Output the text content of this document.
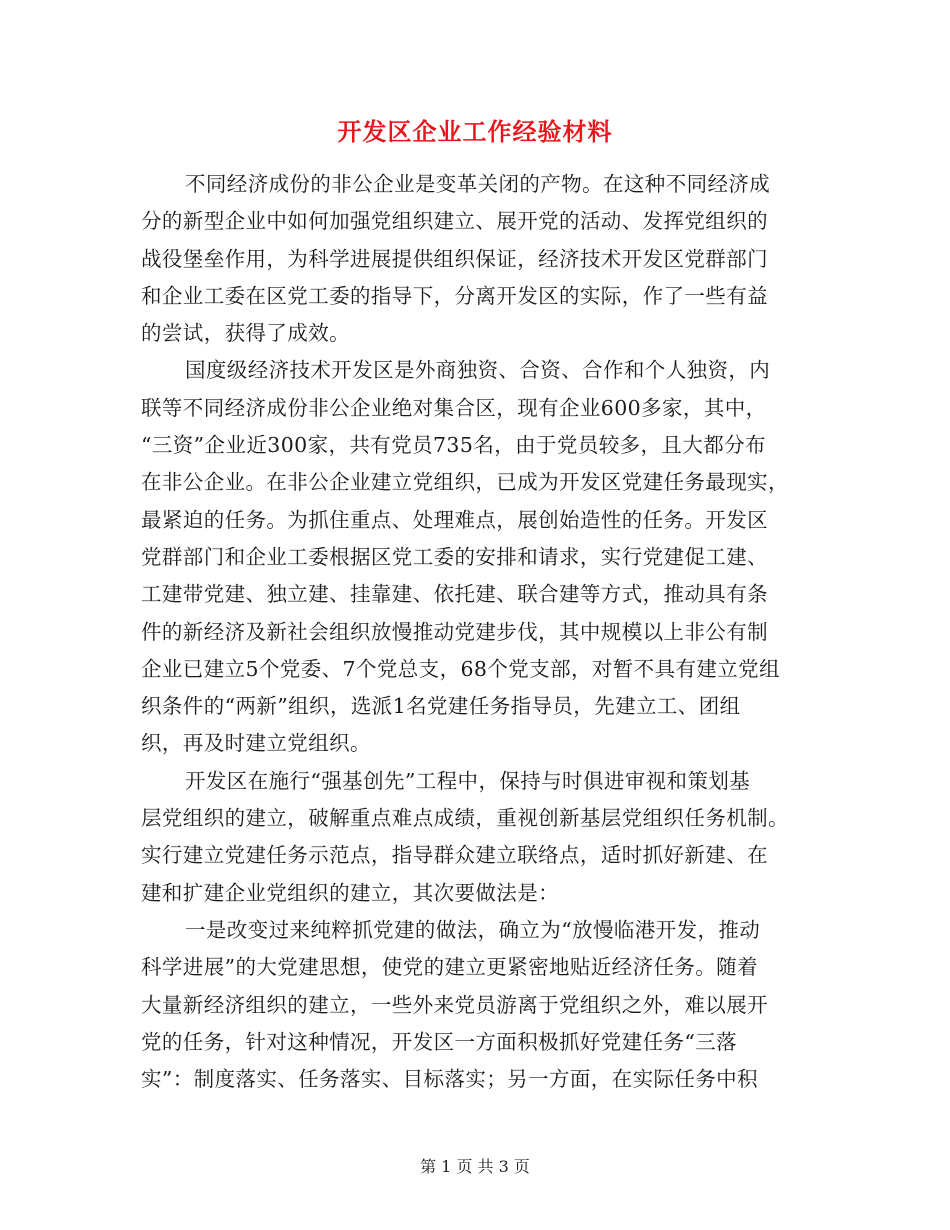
开发区企业工作经验材料
不同经济成份的非公企业是变革关闭的产物。在这种不同经济成
分的新型企业中如何加强党组织建立、展开党的活动、发挥党组织的
战役堡垒作用，为科学进展提供组织保证，经济技术开发区党群部门
和企业工委在区党工委的指导下，分离开发区的实际，作了一些有益
的尝试，获得了成效。
国度级经济技术开发区是外商独资、合资、合作和个人独资，内
联等不同经济成份非公企业绝对集合区，现有企业600多家，其中，
“三资”企业近300家，共有党员735名，由于党员较多，且大都分布
在非公企业。在非公企业建立党组织，已成为开发区党建任务最现实，
最紧迫的任务。为抓住重点、处理难点，展创始造性的任务。开发区
党群部门和企业工委根据区党工委的安排和请求，实行党建促工建、
工建带党建、独立建、挂靠建、依托建、联合建等方式，推动具有条
件的新经济及新社会组织放慢推动党建步伐，其中规模以上非公有制
企业已建立5个党委、7个党总支，68个党支部，对暂不具有建立党组
织条件的“两新”组织，选派1名党建任务指导员，先建立工、团组
织，再及时建立党组织。
开发区在施行“强基创先”工程中，保持与时俱进审视和策划基
层党组织的建立，破解重点难点成绩，重视创新基层党组织任务机制。
实行建立党建任务示范点，指导群众建立联络点，适时抓好新建、在
建和扩建企业党组织的建立，其次要做法是：
一是改变过来纯粹抓党建的做法，确立为“放慢临港开发，推动
科学进展”的大党建思想，使党的建立更紧密地贴近经济任务。随着
大量新经济组织的建立，一些外来党员游离于党组织之外，难以展开
党的任务，针对这种情况，开发区一方面积极抓好党建任务“三落
实”：制度落实、任务落实、目标落实；另一方面，在实际任务中积
第 1 页 共 3 页
